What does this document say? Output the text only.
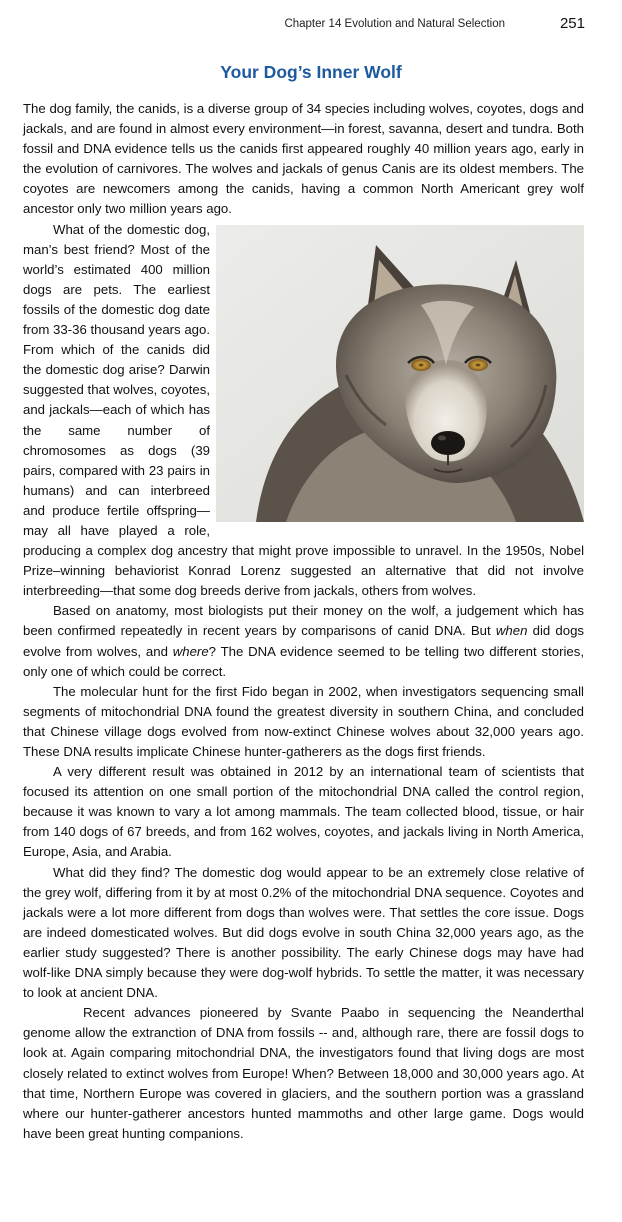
Chapter 14 Evolution and Natural Selection	251
Your Dog’s Inner Wolf

The dog family, the canids, is a diverse group of 34 species including wolves, coyotes, dogs and jackals, and are found in almost every environment—in forest, savanna, desert and tundra. Both fossil and DNA evidence tells us the canids first appeared roughly 40 million years ago, early in the evolution of carnivores. The wolves and jackals of genus Canis are its oldest members. The coyotes are newcomers among the canids, having a common North Americant grey wolf ancestor only two million years ago.

What of the domestic dog, man’s best friend? Most of the world’s estimated 400 million dogs are pets. The earliest fossils of the domestic dog date from 33-36 thousand years ago. From which of the canids did the domestic dog arise? Darwin suggested that wolves, coyotes, and jackals—each of which has the same number of chromosomes as dogs (39 pairs, compared with 23 pairs in humans) and can interbreed and produce fertile offspring—may all have played a role, producing a complex dog ancestry that might prove impossible to unravel. In the 1950s, Nobel Prize–winning behaviorist Konrad Lorenz suggested an alternative that did not involve interbreeding—that some dog breeds derive from jackals, others from wolves.

Based on anatomy, most biologists put their money on the wolf, a judgement which has been confirmed repeatedly in recent years by comparisons of canid DNA. But when did dogs evolve from wolves, and where? The DNA evidence seemed to be telling two different stories, only one of which could be correct.

The molecular hunt for the first Fido began in 2002, when investigators sequencing small segments of mitochondrial DNA found the greatest diversity in southern China, and concluded that Chinese village dogs evolved from now-extinct Chinese wolves about 32,000 years ago. These DNA results implicate Chinese hunter-gatherers as the dogs first friends.

A very different result was obtained in 2012 by an international team of scientists that focused its attention on one small portion of the mitochondrial DNA called the control region, because it was known to vary a lot among mammals. The team collected blood, tissue, or hair from 140 dogs of 67 breeds, and from 162 wolves, coyotes, and jackals living in North America, Europe, Asia, and Arabia.

What did they find? The domestic dog would appear to be an extremely close relative of the grey wolf, differing from it by at most 0.2% of the mitochondrial DNA sequence. Coyotes and jackals were a lot more different from dogs than wolves were. That settles the core issue. Dogs are indeed domesticated wolves. But did dogs evolve in south China 32,000 years ago, as the earlier study suggested? There is another possibility. The early Chinese dogs may have had wolf-like DNA simply because they were dog-wolf hybrids. To settle the matter, it was necessary to look at ancient DNA.

Recent advances pioneered by Svante Paabo in sequencing the Neanderthal genome allow the extranction of DNA from fossils -- and, although rare, there are fossil dogs to look at. Again comparing mitochondrial DNA, the investigators found that living dogs are most closely related to extinct wolves from Europe! When? Between 18,000 and 30,000 years ago. At that time, Northern Europe was covered in glaciers, and the southern portion was a grassland where our hunter-gatherer ancestors hunted mammoths and other large game. Dogs would have been great hunting companions.
